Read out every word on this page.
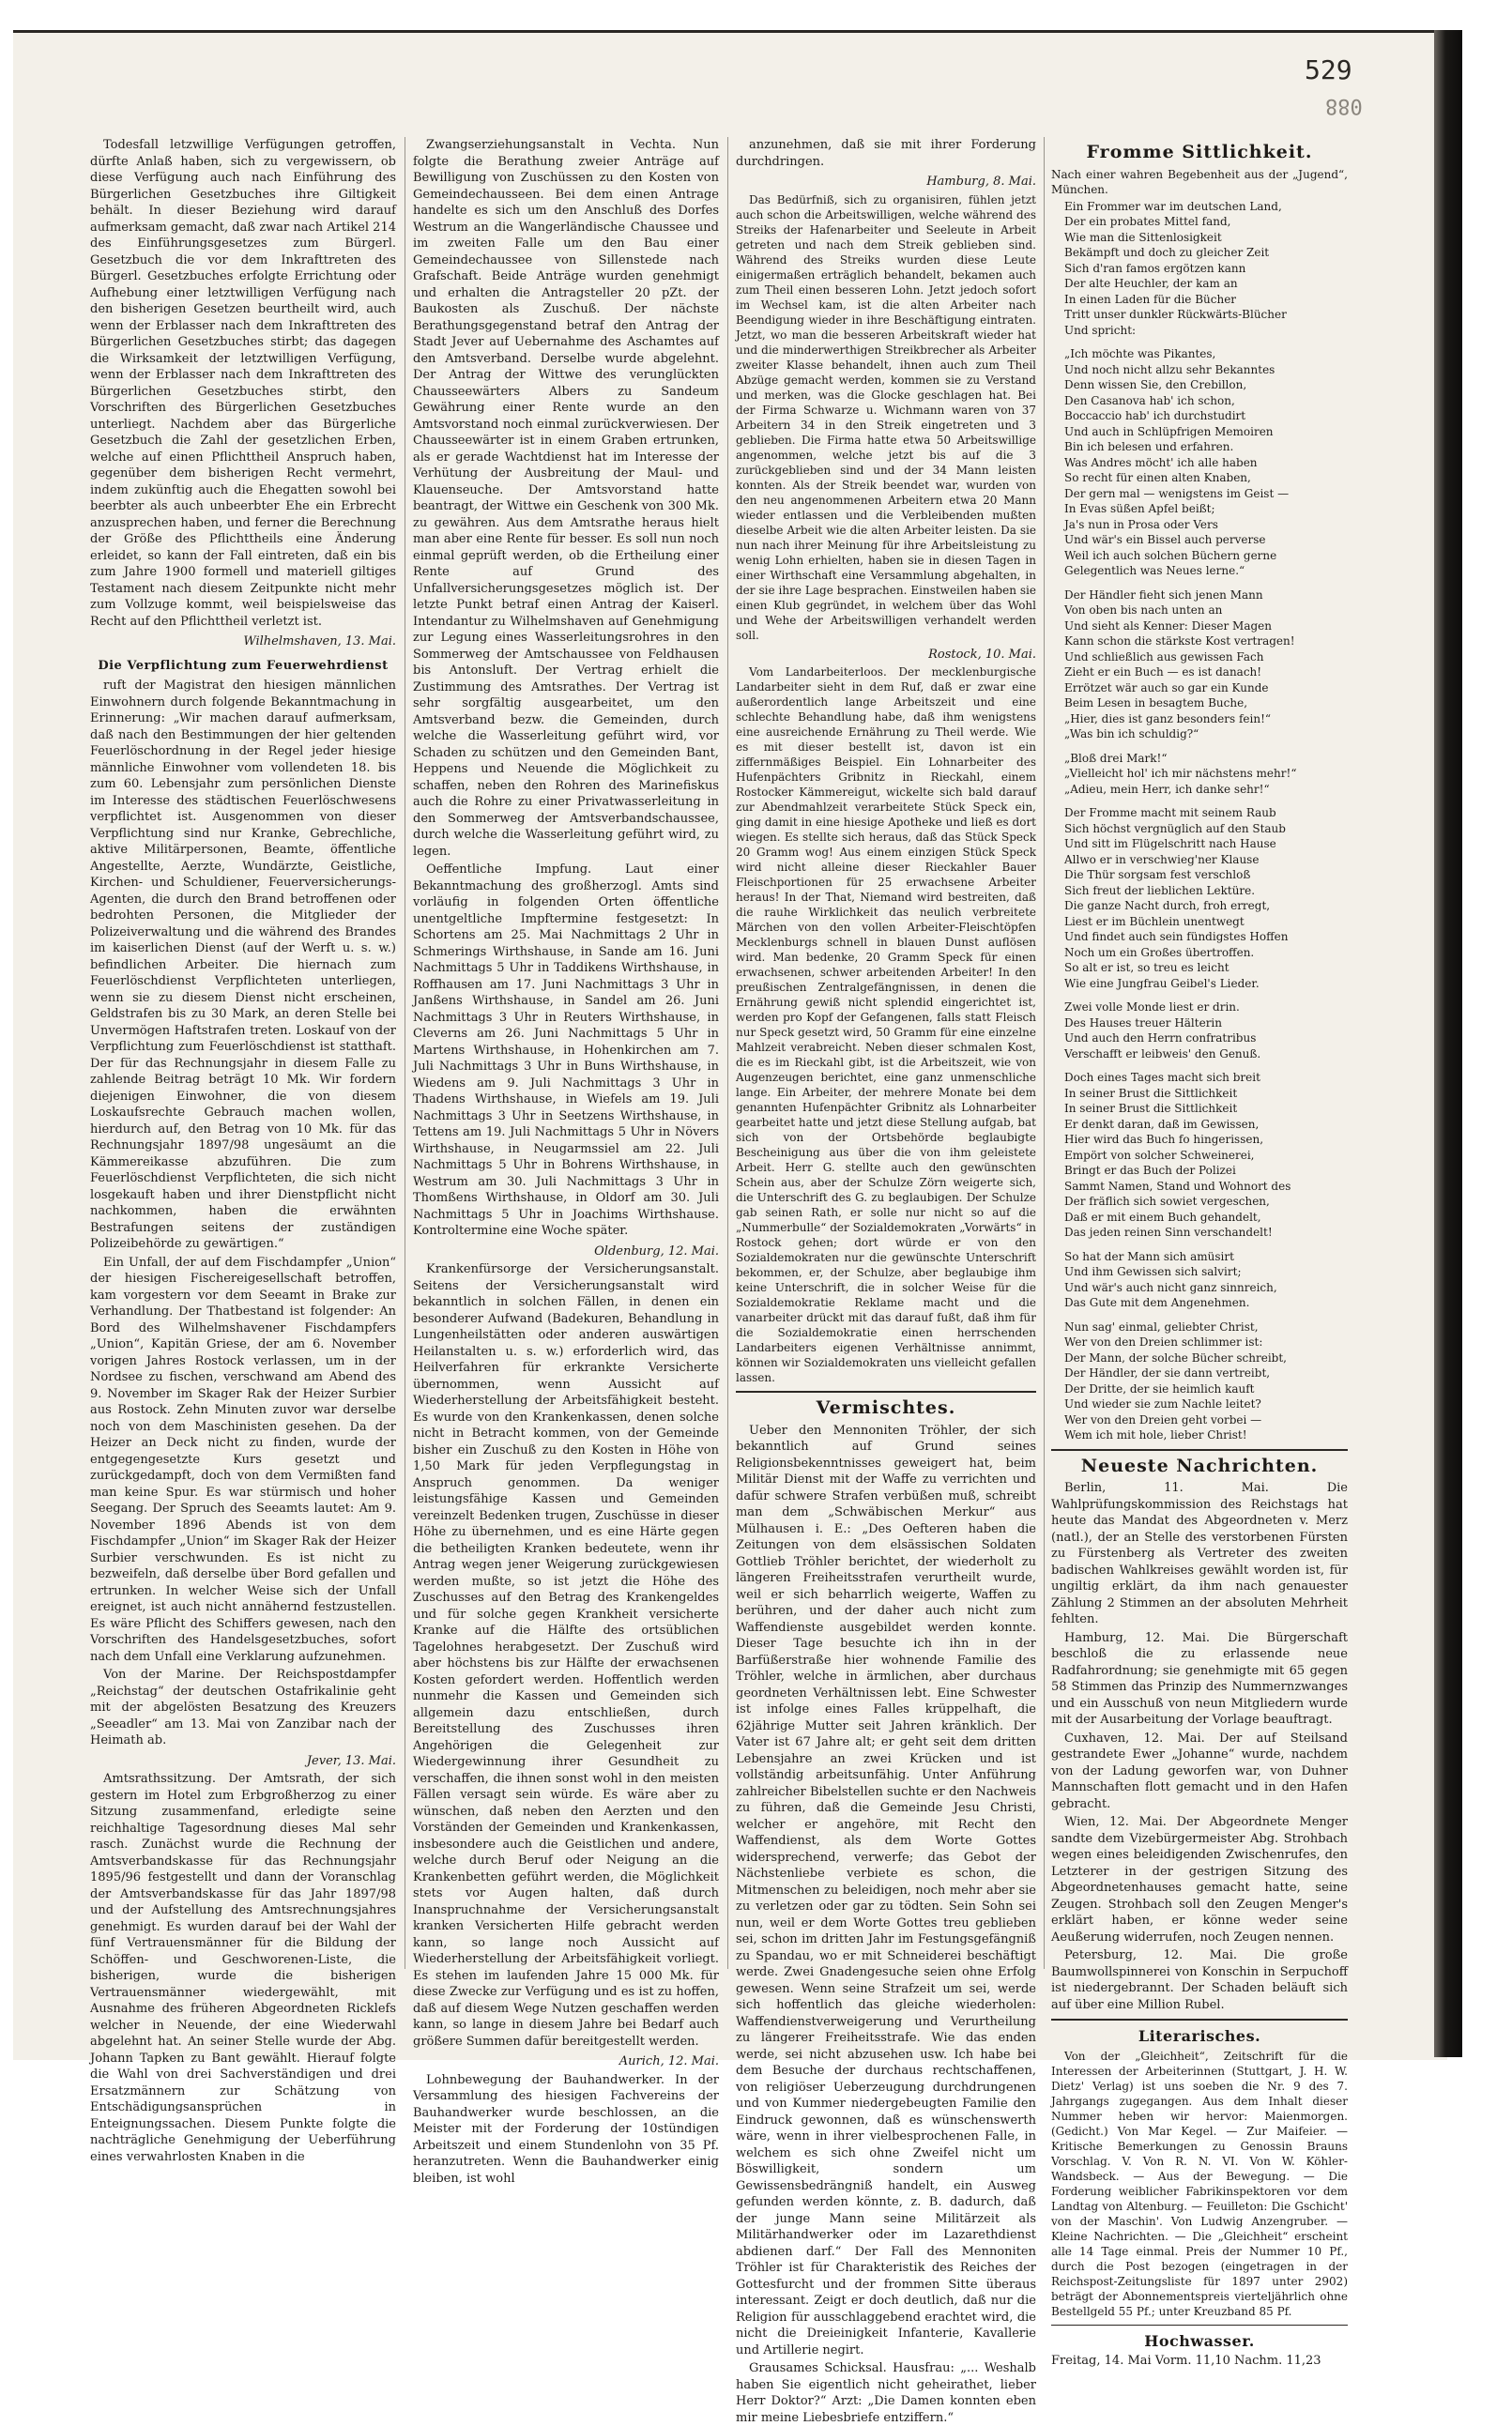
529
088

Todesfall letzwillige Verfügungen getroffen, dürfte Anlaß haben, sich zu vergewissern, ob diese Verfügung auch nach Einführung des Bürgerlichen Gesetzbuches ihre Giltigkeit behält. In dieser Beziehung wird darauf aufmerksam gemacht, daß zwar nach Artikel 214 des Einführungsgesetzes zum Bürgerl. Gesetzbuch die vor dem Inkrafttreten des Bürgerl. Gesetzbuches erfolgte Errichtung oder Aufhebung einer letztwilligen Verfügung nach den bisherigen Gesetzen beurtheilt wird, auch wenn der Erblasser nach dem Inkrafttreten des Bürgerlichen Gesetzbuches stirbt; das dagegen die Wirksamkeit der letztwilligen Verfügung, wenn der Erblasser nach dem Inkrafttreten des Bürgerlichen Gesetzbuches stirbt, den Vorschriften des Bürgerlichen Gesetzbuches unterliegt. Nachdem aber das Bürgerliche Gesetzbuch die Zahl der gesetzlichen Erben, welche auf einen Pflichttheil Anspruch haben, gegenüber dem bisherigen Recht vermehrt, indem zukünftig auch die Ehegatten sowohl bei beerbter als auch unbeerbter Ehe ein Erbrecht anzusprechen haben, und ferner die Berechnung der Größe des Pflichttheils eine Änderung erleidet, so kann der Fall eintreten, daß ein bis zum Jahre 1900 formell und materiell giltiges Testament nach diesem Zeitpunkte nicht mehr zum Vollzuge kommt, weil beispielsweise das Recht auf den Pflichttheil verletzt ist.

Wilhelmshaven, 13. Mai.

Die Verpflichtung zum Feuerwehrdienst

ruft der Magistrat den hiesigen männlichen Einwohnern durch folgende Bekanntmachung in Erinnerung: „Wir machen darauf aufmerksam, daß nach den Bestimmungen der hier geltenden Feuerlöschordnung in der Regel jeder hiesige männliche Einwohner vom vollendeten 18. bis zum 60. Lebensjahr zum persönlichen Dienste im Interesse des städtischen Feuerlöschwesens verpflichtet ist. Ausgenommen von dieser Verpflichtung sind nur Kranke, Gebrechliche, aktive Militärpersonen, Beamte, öffentliche Angestellte, Aerzte, Wundärzte, Geistliche, Kirchen- und Schuldiener, Feuerversicherungs-Agenten, die durch den Brand betroffenen oder bedrohten Personen, die Mitglieder der Polizeiverwaltung und die während des Brandes im kaiserlichen Dienst (auf der Werft u. s. w.) befindlichen Arbeiter. Die hiernach zum Feuerlöschdienst Verpflichteten unterliegen, wenn sie zu diesem Dienst nicht erscheinen, Geldstrafen bis zu 30 Mark, an deren Stelle bei Unvermögen Haftstrafen treten. Loskauf von der Verpflichtung zum Feuerlöschdienst ist statthaft. Der für das Rechnungsjahr in diesem Falle zu zahlende Beitrag beträgt 10 Mk. Wir fordern diejenigen Einwohner, die von diesem Loskaufsrechte Gebrauch machen wollen, hierdurch auf, den Betrag von 10 Mk. für das Rechnungsjahr 1897/98 ungesäumt an die Kämmereikasse abzuführen. Die zum Feuerlöschdienst Verpflichteten, die sich nicht losgekauft haben und ihrer Dienstpflicht nicht nachkommen, haben die erwähnten Bestrafungen seitens der zuständigen Polizeibehörde zu gewärtigen.“

Ein Unfall, der auf dem Fischdampfer „Union“ der hiesigen Fischereigesellschaft betroffen, kam vorgestern vor dem Seeamt in Brake zur Verhandlung. Der Thatbestand ist folgender: An Bord des Wilhelmshavener Fischdampfers „Union“, Kapitän Griese, der am 6. November vorigen Jahres Rostock verlassen, um in der Nordsee zu fischen, verschwand am Abend des 9. November im Skager Rak der Heizer Surbier aus Rostock. Zehn Minuten zuvor war derselbe noch von dem Maschinisten gesehen. Da der Heizer an Deck nicht zu finden, wurde der entgegengesetzte Kurs gesetzt und zurückgedampft, doch von dem Vermißten fand man keine Spur. Es war stürmisch und hoher Seegang. Der Spruch des Seeamts lautet: Am 9. November 1896 Abends ist von dem Fischdampfer „Union“ im Skager Rak der Heizer Surbier verschwunden. Es ist nicht zu bezweifeln, daß derselbe über Bord gefallen und ertrunken. In welcher Weise sich der Unfall ereignet, ist auch nicht annähernd festzustellen. Es wäre Pflicht des Schiffers gewesen, nach den Vorschriften des Handelsgesetzbuches, sofort nach dem Unfall eine Verklarung aufzunehmen.

Von der Marine. Der Reichspostdampfer „Reichstag“ der deutschen Ostafrikalinie geht mit der abgelösten Besatzung des Kreuzers „Seeadler“ am 13. Mai von Zanzibar nach der Heimath ab.

Jever, 13. Mai.

Amtsrathssitzung. Der Amtsrath, der sich gestern im Hotel zum Erbgroßherzog zu einer Sitzung zusammenfand, erledigte seine reichhaltige Tagesordnung dieses Mal sehr rasch. Zunächst wurde die Rechnung der Amtsverbandskasse für das Rechnungsjahr 1895/96 festgestellt und dann der Voranschlag der Amtsverbandskasse für das Jahr 1897/98 und der Aufstellung des Amtsrechnungsjahres genehmigt. Es wurden darauf bei der Wahl der fünf Vertrauensmänner für die Bildung der Schöffen- und Geschworenen-Liste, die bisherigen, wurde die bisherigen Vertrauensmänner wiedergewählt, mit Ausnahme des früheren Abgeordneten Ricklefs welcher in Neuende, der eine Wiederwahl abgelehnt hat. An seiner Stelle wurde der Abg. Johann Tapken zu Bant gewählt. Hierauf folgte die Wahl von drei Sachverständigen und drei Ersatzmännern zur Schätzung von Entschädigungsansprüchen in Enteignungssachen. Diesem Punkte folgte die nachträgliche Genehmigung der Ueberführung eines verwahrlosten Knaben in die

Zwangserziehungsanstalt in Vechta. Nun folgte die Berathung zweier Anträge auf Bewilligung von Zuschüssen zu den Kosten von Gemeindechausseen. Bei dem einen Antrage handelte es sich um den Anschluß des Dorfes Westrum an die Wangerländische Chaussee und im zweiten Falle um den Bau einer Gemeindechaussee von Sillenstede nach Grafschaft. Beide Anträge wurden genehmigt und erhalten die Antragsteller 20 pZt. der Baukosten als Zuschuß. Der nächste Berathungsgegenstand betraf den Antrag der Stadt Jever auf Uebernahme des Aschamtes auf den Amtsverband. Derselbe wurde abgelehnt. Der Antrag der Wittwe des verunglückten Chausseewärters Albers zu Sandeum Gewährung einer Rente wurde an den Amtsvorstand noch einmal zurückverwiesen. Der Chausseewärter ist in einem Graben ertrunken, als er gerade Wachtdienst hat im Interesse der Verhütung der Ausbreitung der Maul- und Klauenseuche. Der Amtsvorstand hatte beantragt, der Wittwe ein Geschenk von 300 Mk. zu gewähren. Aus dem Amtsrathe heraus hielt man aber eine Rente für besser. Es soll nun noch einmal geprüft werden, ob die Ertheilung einer Rente auf Grund des Unfallversicherungsgesetzes möglich ist. Der letzte Punkt betraf einen Antrag der Kaiserl. Intendantur zu Wilhelmshaven auf Genehmigung zur Legung eines Wasserleitungsrohres in den Sommerweg der Amtschaussee von Feldhausen bis Antonsluft. Der Vertrag erhielt die Zustimmung des Amtsrathes. Der Vertrag ist sehr sorgfältig ausgearbeitet, um den Amtsverband bezw. die Gemeinden, durch welche die Wasserleitung geführt wird, vor Schaden zu schützen und den Gemeinden Bant, Heppens und Neuende die Möglichkeit zu schaffen, neben den Rohren des Marinefiskus auch die Rohre zu einer Privatwasserleitung in den Sommerweg der Amtsverbandschaussee, durch welche die Wasserleitung geführt wird, zu legen.

Oeffentliche Impfung. Laut einer Bekanntmachung des großherzogl. Amts sind vorläufig in folgenden Orten öffentliche unentgeltliche Impftermine festgesetzt: In Schortens am 25. Mai Nachmittags 2 Uhr in Schmerings Wirthshause, in Sande am 16. Juni Nachmittags 5 Uhr in Taddikens Wirthshause, in Roffhausen am 17. Juni Nachmittags 3 Uhr in Janßens Wirthshause, in Sandel am 26. Juni Nachmittags 3 Uhr in Reuters Wirthshause, in Cleverns am 26. Juni Nachmittags 5 Uhr in Martens Wirthshause, in Hohenkirchen am 7. Juli Nachmittags 3 Uhr in Buns Wirthshause, in Wiedens am 9. Juli Nachmittags 3 Uhr in Thadens Wirthshause, in Wiefels am 19. Juli Nachmittags 3 Uhr in Seetzens Wirthshause, in Tettens am 19. Juli Nachmittags 5 Uhr in Növers Wirthshause, in Neugarmssiel am 22. Juli Nachmittags 5 Uhr in Bohrens Wirthshause, in Westrum am 30. Juli Nachmittags 3 Uhr in Thomßens Wirthshause, in Oldorf am 30. Juli Nachmittags 5 Uhr in Joachims Wirthshause. Kontroltermine eine Woche später.

Oldenburg, 12. Mai.

Krankenfürsorge der Versicherungsanstalt. Seitens der Versicherungsanstalt wird bekanntlich in solchen Fällen, in denen ein besonderer Aufwand (Badekuren, Behandlung in Lungenheilstätten oder anderen auswärtigen Heilanstalten u. s. w.) erforderlich wird, das Heilverfahren für erkrankte Versicherte übernommen, wenn Aussicht auf Wiederherstellung der Arbeitsfähigkeit besteht. Es wurde von den Krankenkassen, denen solche nicht in Betracht kommen, von der Gemeinde bisher ein Zuschuß zu den Kosten in Höhe von 1,50 Mark für jeden Verpflegungstag in Anspruch genommen. Da weniger leistungsfähige Kassen und Gemeinden vereinzelt Bedenken trugen, Zuschüsse in dieser Höhe zu übernehmen, und es eine Härte gegen die betheiligten Kranken bedeutete, wenn ihr Antrag wegen jener Weigerung zurückgewiesen werden mußte, so ist jetzt die Höhe des Zuschusses auf den Betrag des Krankengeldes und für solche gegen Krankheit versicherte Kranke auf die Hälfte des ortsüblichen Tagelohnes herabgesetzt. Der Zuschuß wird aber höchstens bis zur Hälfte der erwachsenen Kosten gefordert werden. Hoffentlich werden nunmehr die Kassen und Gemeinden sich allgemein dazu entschließen, durch Bereitstellung des Zuschusses ihren Angehörigen die Gelegenheit zur Wiedergewinnung ihrer Gesundheit zu verschaffen, die ihnen sonst wohl in den meisten Fällen versagt sein würde. Es wäre aber zu wünschen, daß neben den Aerzten und den Vorständen der Gemeinden und Krankenkassen, insbesondere auch die Geistlichen und andere, welche durch Beruf oder Neigung an die Krankenbetten geführt werden, die Möglichkeit stets vor Augen halten, daß durch Inanspruchnahme der Versicherungsanstalt kranken Versicherten Hilfe gebracht werden kann, so lange noch Aussicht auf Wiederherstellung der Arbeitsfähigkeit vorliegt. Es stehen im laufenden Jahre 15 000 Mk. für diese Zwecke zur Verfügung und es ist zu hoffen, daß auf diesem Wege Nutzen geschaffen werden kann, so lange in diesem Jahre bei Bedarf auch größere Summen dafür bereitgestellt werden.

Aurich, 12. Mai.

Lohnbewegung der Bauhandwerker. In der Versammlung des hiesigen Fachvereins der Bauhandwerker wurde beschlossen, an die Meister mit der Forderung der 10stündigen Arbeitszeit und einem Stundenlohn von 35 Pf. heranzutreten. Wenn die Bauhandwerker einig bleiben, ist wohl

anzunehmen, daß sie mit ihrer Forderung durchdringen.

Hamburg, 8. Mai.

Das Bedürfniß, sich zu organisiren, fühlen jetzt auch schon die Arbeitswilligen, welche während des Streiks der Hafenarbeiter und Seeleute in Arbeit getreten und nach dem Streik geblieben sind. Während des Streiks wurden diese Leute einigermaßen erträglich behandelt, bekamen auch zum Theil einen besseren Lohn. Jetzt jedoch sofort im Wechsel kam, ist die alten Arbeiter nach Beendigung wieder in ihre Beschäftigung eintraten. Jetzt, wo man die besseren Arbeitskraft wieder hat und die minderwerthigen Streikbrecher als Arbeiter zweiter Klasse behandelt, ihnen auch zum Theil Abzüge gemacht werden, kommen sie zu Verstand und merken, was die Glocke geschlagen hat. Bei der Firma Schwarze u. Wichmann waren von 37 Arbeitern 34 in den Streik eingetreten und 3 geblieben. Die Firma hatte etwa 50 Arbeitswillige angenommen, welche jetzt bis auf die 3 zurückgeblieben sind und der 34 Mann leisten konnten. Als der Streik beendet war, wurden von den neu angenommenen Arbeitern etwa 20 Mann wieder entlassen und die Verbleibenden mußten dieselbe Arbeit wie die alten Arbeiter leisten. Da sie nun nach ihrer Meinung für ihre Arbeitsleistung zu wenig Lohn erhielten, haben sie in diesen Tagen in einer Wirthschaft eine Versammlung abgehalten, in der sie ihre Lage besprachen. Einstweilen haben sie einen Klub gegründet, in welchem über das Wohl und Wehe der Arbeitswilligen verhandelt werden soll.

Rostock, 10. Mai.

Vom Landarbeiterloos. Der mecklenburgische Landarbeiter sieht in dem Ruf, daß er zwar eine außerordentlich lange Arbeitszeit und eine schlechte Behandlung habe, daß ihm wenigstens eine ausreichende Ernährung zu Theil werde. Wie es mit dieser bestellt ist, davon ist ein ziffernmäßiges Beispiel. Ein Lohnarbeiter des Hufenpächters Gribnitz in Rieckahl, einem Rostocker Kämmereigut, wickelte sich bald darauf zur Abendmahlzeit verarbeitete Stück Speck ein, ging damit in eine hiesige Apotheke und ließ es dort wiegen. Es stellte sich heraus, daß das Stück Speck 20 Gramm wog! Aus einem einzigen Stück Speck wird nicht alleine dieser Rieckahler Bauer Fleischportionen für 25 erwachsene Arbeiter heraus! In der That, Niemand wird bestreiten, daß die rauhe Wirklichkeit das neulich verbreitete Märchen von den vollen Arbeiter-Fleischtöpfen Mecklenburgs schnell in blauen Dunst auflösen wird. Man bedenke, 20 Gramm Speck für einen erwachsenen, schwer arbeitenden Arbeiter! In den preußischen Zentralgefängnissen, in denen die Ernährung gewiß nicht splendid eingerichtet ist, werden pro Kopf der Gefangenen, falls statt Fleisch nur Speck gesetzt wird, 50 Gramm für eine einzelne Mahlzeit verabreicht. Neben dieser schmalen Kost, die es im Rieckahl gibt, ist die Arbeitszeit, wie von Augenzeugen berichtet, eine ganz unmenschliche lange. Ein Arbeiter, der mehrere Monate bei dem genannten Hufenpächter Gribnitz als Lohnarbeiter gearbeitet hatte und jetzt diese Stellung aufgab, bat sich von der Ortsbehörde beglaubigte Bescheinigung aus über die von ihm geleistete Arbeit. Herr G. stellte auch den gewünschten Schein aus, aber der Schulze Zörn weigerte sich, die Unterschrift des G. zu beglaubigen. Der Schulze gab seinen Rath, er solle nur nicht so auf die „Nummerbulle“ der Sozialdemokraten „Vorwärts“ in Rostock gehen; dort würde er von den Sozialdemokraten nur die gewünschte Unterschrift bekommen, er, der Schulze, aber beglaubige ihm keine Unterschrift, die in solcher Weise für die Sozialdemokratie Reklame macht und die vanarbeiter drückt mit das darauf fußt, daß ihm für die Sozialdemokratie einen herrschenden Landarbeiters eigenen Verhältnisse annimmt, können wir Sozialdemokraten uns vielleicht gefallen lassen.

Vermischtes.

Ueber den Mennoniten Tröhler, der sich bekanntlich auf Grund seines Religionsbekenntnisses geweigert hat, beim Militär Dienst mit der Waffe zu verrichten und dafür schwere Strafen verbüßen muß, schreibt man dem „Schwäbischen Merkur“ aus Mülhausen i. E.: „Des Oefteren haben die Zeitungen von dem elsässischen Soldaten Gottlieb Tröhler berichtet, der wiederholt zu längeren Freiheitsstrafen verurtheilt wurde, weil er sich beharrlich weigerte, Waffen zu berühren, und der daher auch nicht zum Waffendienste ausgebildet werden konnte. Dieser Tage besuchte ich ihn in der Barfüßerstraße hier wohnende Familie des Tröhler, welche in ärmlichen, aber durchaus geordneten Verhältnissen lebt. Eine Schwester ist infolge eines Falles krüppelhaft, die 62jährige Mutter seit Jahren kränklich. Der Vater ist 67 Jahre alt; er geht seit dem dritten Lebensjahre an zwei Krücken und ist vollständig arbeitsunfähig. Unter Anführung zahlreicher Bibelstellen suchte er den Nachweis zu führen, daß die Gemeinde Jesu Christi, welcher er angehöre, mit Recht den Waffendienst, als dem Worte Gottes widersprechend, verwerfe; das Gebot der Nächstenliebe verbiete es schon, die Mitmenschen zu beleidigen, noch mehr aber sie zu verletzen oder gar zu tödten. Sein Sohn sei nun, weil er dem Worte Gottes treu geblieben sei, schon im dritten Jahr im Festungsgefängniß zu Spandau, wo er mit Schneiderei beschäftigt werde. Zwei Gnadengesuche seien ohne Erfolg gewesen. Wenn seine Strafzeit um sei, werde sich hoffentlich das gleiche wiederholen: Waffendienstverweigerung und Verurtheilung zu längerer Freiheitsstrafe. Wie das enden werde, sei nicht abzusehen usw. Ich habe bei dem Besuche der durchaus rechtschaffenen, von religiöser Ueberzeugung durchdrungenen und von Kummer niedergebeugten Familie den Eindruck gewonnen, daß es wünschenswerth wäre, wenn in ihrer vielbesprochenen Falle, in welchem es sich ohne Zweifel nicht um Böswilligkeit, sondern um Gewissensbedrängniß handelt, ein Ausweg gefunden werden könnte, z. B. dadurch, daß der junge Mann seine Militärzeit als Militärhandwerker oder im Lazarethdienst abdienen darf.“ Der Fall des Mennoniten Tröhler ist für Charakteristik des Reiches der Gottesfurcht und der frommen Sitte überaus interessant. Zeigt er doch deutlich, daß nur die Religion für ausschlaggebend erachtet wird, die nicht die Dreieinigkeit Infanterie, Kavallerie und Artillerie negirt.

Grausames Schicksal. Hausfrau: „... Weshalb haben Sie eigentlich nicht geheirathet, lieber Herr Doktor?“ Arzt: „Die Damen konnten eben mir meine Liebesbriefe entziffern.“

Fromme Sittlichkeit.

Nach einer wahren Begebenheit aus der „Jugend“, München.

Ein Frommer war im deutschen Land,

Der ein probates Mittel fand,

Wie man die Sittenlosigkeit

Bekämpft und doch zu gleicher Zeit

Sich d'ran famos ergötzen kann

Der alte Heuchler, der kam an

In einen Laden für die Bücher

Tritt unser dunkler Rückwärts-Blücher

Und spricht:

„Ich möchte was Pikantes,

Und noch nicht allzu sehr Bekanntes

Denn wissen Sie, den Crebillon,

Den Casanova hab' ich schon,

Boccaccio hab' ich durchstudirt

Und auch in Schlüpfrigen Memoiren

Bin ich belesen und erfahren.

Was Andres möcht' ich alle haben

So recht für einen alten Knaben,

Der gern mal — wenigstens im Geist —

In Evas süßen Apfel beißt;

Ja's nun in Prosa oder Vers

Und wär's ein Bissel auch perverse

Weil ich auch solchen Büchern gerne

Gelegentlich was Neues lerne.“

Der Händler fieht sich jenen Mann

Von oben bis nach unten an

Und sieht als Kenner: Dieser Magen

Kann schon die stärkste Kost vertragen!

Und schließlich aus gewissen Fach

Zieht er ein Buch — es ist danach!

Errötzet wär auch so gar ein Kunde

Beim Lesen in besagtem Buche,

„Hier, dies ist ganz besonders fein!“

„Was bin ich schuldig?“

„Bloß drei Mark!“

„Vielleicht hol' ich mir nächstens mehr!“

„Adieu, mein Herr, ich danke sehr!“

Der Fromme macht mit seinem Raub

Sich höchst vergnüglich auf den Staub

Und sitt im Flügelschritt nach Hause

Allwo er in verschwieg'ner Klause

Die Thür sorgsam fest verschloß

Sich freut der lieblichen Lektüre.

Die ganze Nacht durch, froh erregt,

Liest er im Büchlein unentwegt

Und findet auch sein fündigstes Hoffen

Noch um ein Großes übertroffen.

So alt er ist, so treu es leicht

Wie eine Jungfrau Geibel's Lieder.

Zwei volle Monde liest er drin.

Des Hauses treuer Hälterin

Und auch den Herrn confratribus

Verschafft er leibweis' den Genuß.

Doch eines Tages macht sich breit

In seiner Brust die Sittlichkeit

In seiner Brust die Sittlichkeit

Er denkt daran, daß im Gewissen,

Hier wird das Buch fo hingerissen,

Empört von solcher Schweinerei,

Bringt er das Buch der Polizei

Sammt Namen, Stand und Wohnort des

Der fräflich sich sowiet vergeschen,

Daß er mit einem Buch gehandelt,

Das jeden reinen Sinn verschandelt!

So hat der Mann sich amüsirt

Und ihm Gewissen sich salvirt;

Und wär's auch nicht ganz sinnreich,

Das Gute mit dem Angenehmen.

Nun sag' einmal, geliebter Christ,

Wer von den Dreien schlimmer ist:

Der Mann, der solche Bücher schreibt,

Der Händler, der sie dann vertreibt,

Der Dritte, der sie heimlich kauft

Und wieder sie zum Nachle leitet?

Wer von den Dreien geht vorbei —

Wem ich mit hole, lieber Christ!

Neueste Nachrichten.

Berlin, 11. Mai. Die Wahlprüfungskommission des Reichstags hat heute das Mandat des Abgeordneten v. Merz (natl.), der an Stelle des verstorbenen Fürsten zu Fürstenberg als Vertreter des zweiten badischen Wahlkreises gewählt worden ist, für ungiltig erklärt, da ihm nach genauester Zählung 2 Stimmen an der absoluten Mehrheit fehlten.

Hamburg, 12. Mai. Die Bürgerschaft beschloß die zu erlassende neue Radfahrordnung; sie genehmigte mit 65 gegen 58 Stimmen das Prinzip des Nummernzwanges und ein Ausschuß von neun Mitgliedern wurde mit der Ausarbeitung der Vorlage beauftragt.

Cuxhaven, 12. Mai. Der auf Steilsand gestrandete Ewer „Johanne“ wurde, nachdem von der Ladung geworfen war, von Duhner Mannschaften flott gemacht und in den Hafen gebracht.

Wien, 12. Mai. Der Abgeordnete Menger sandte dem Vizebürgermeister Abg. Strohbach wegen eines beleidigenden Zwischenrufes, den Letzterer in der gestrigen Sitzung des Abgeordnetenhauses gemacht hatte, seine Zeugen. Strohbach soll den Zeugen Menger's erklärt haben, er könne weder seine Aeußerung widerrufen, noch Zeugen nennen.

Petersburg, 12. Mai. Die große Baumwollspinnerei von Konschin in Serpuchoff ist niedergebrannt. Der Schaden beläuft sich auf über eine Million Rubel.

Literarisches.

Von der „Gleichheit“, Zeitschrift für die Interessen der Arbeiterinnen (Stuttgart, J. H. W. Dietz' Verlag) ist uns soeben die Nr. 9 des 7. Jahrgangs zugegangen. Aus dem Inhalt dieser Nummer heben wir hervor: Maienmorgen. (Gedicht.) Von Mar Kegel. — Zur Maifeier. — Kritische Bemerkungen zu Genossin Brauns Vorschlag. V. Von R. N. VI. Von W. Köhler-Wandsbeck. — Aus der Bewegung. — Die Forderung weiblicher Fabrikinspektoren vor dem Landtag von Altenburg. — Feuilleton: Die Gschicht' von der Maschin'. Von Ludwig Anzengruber. — Kleine Nachrichten. — Die „Gleichheit“ erscheint alle 14 Tage einmal. Preis der Nummer 10 Pf., durch die Post bezogen (eingetragen in der Reichspost-Zeitungsliste für 1897 unter 2902) beträgt der Abonnementspreis vierteljährlich ohne Bestellgeld 55 Pf.; unter Kreuzband 85 Pf.

Hochwasser.

Freitag, 14. Mai Vorm. 11,10 Nachm. 11,23
